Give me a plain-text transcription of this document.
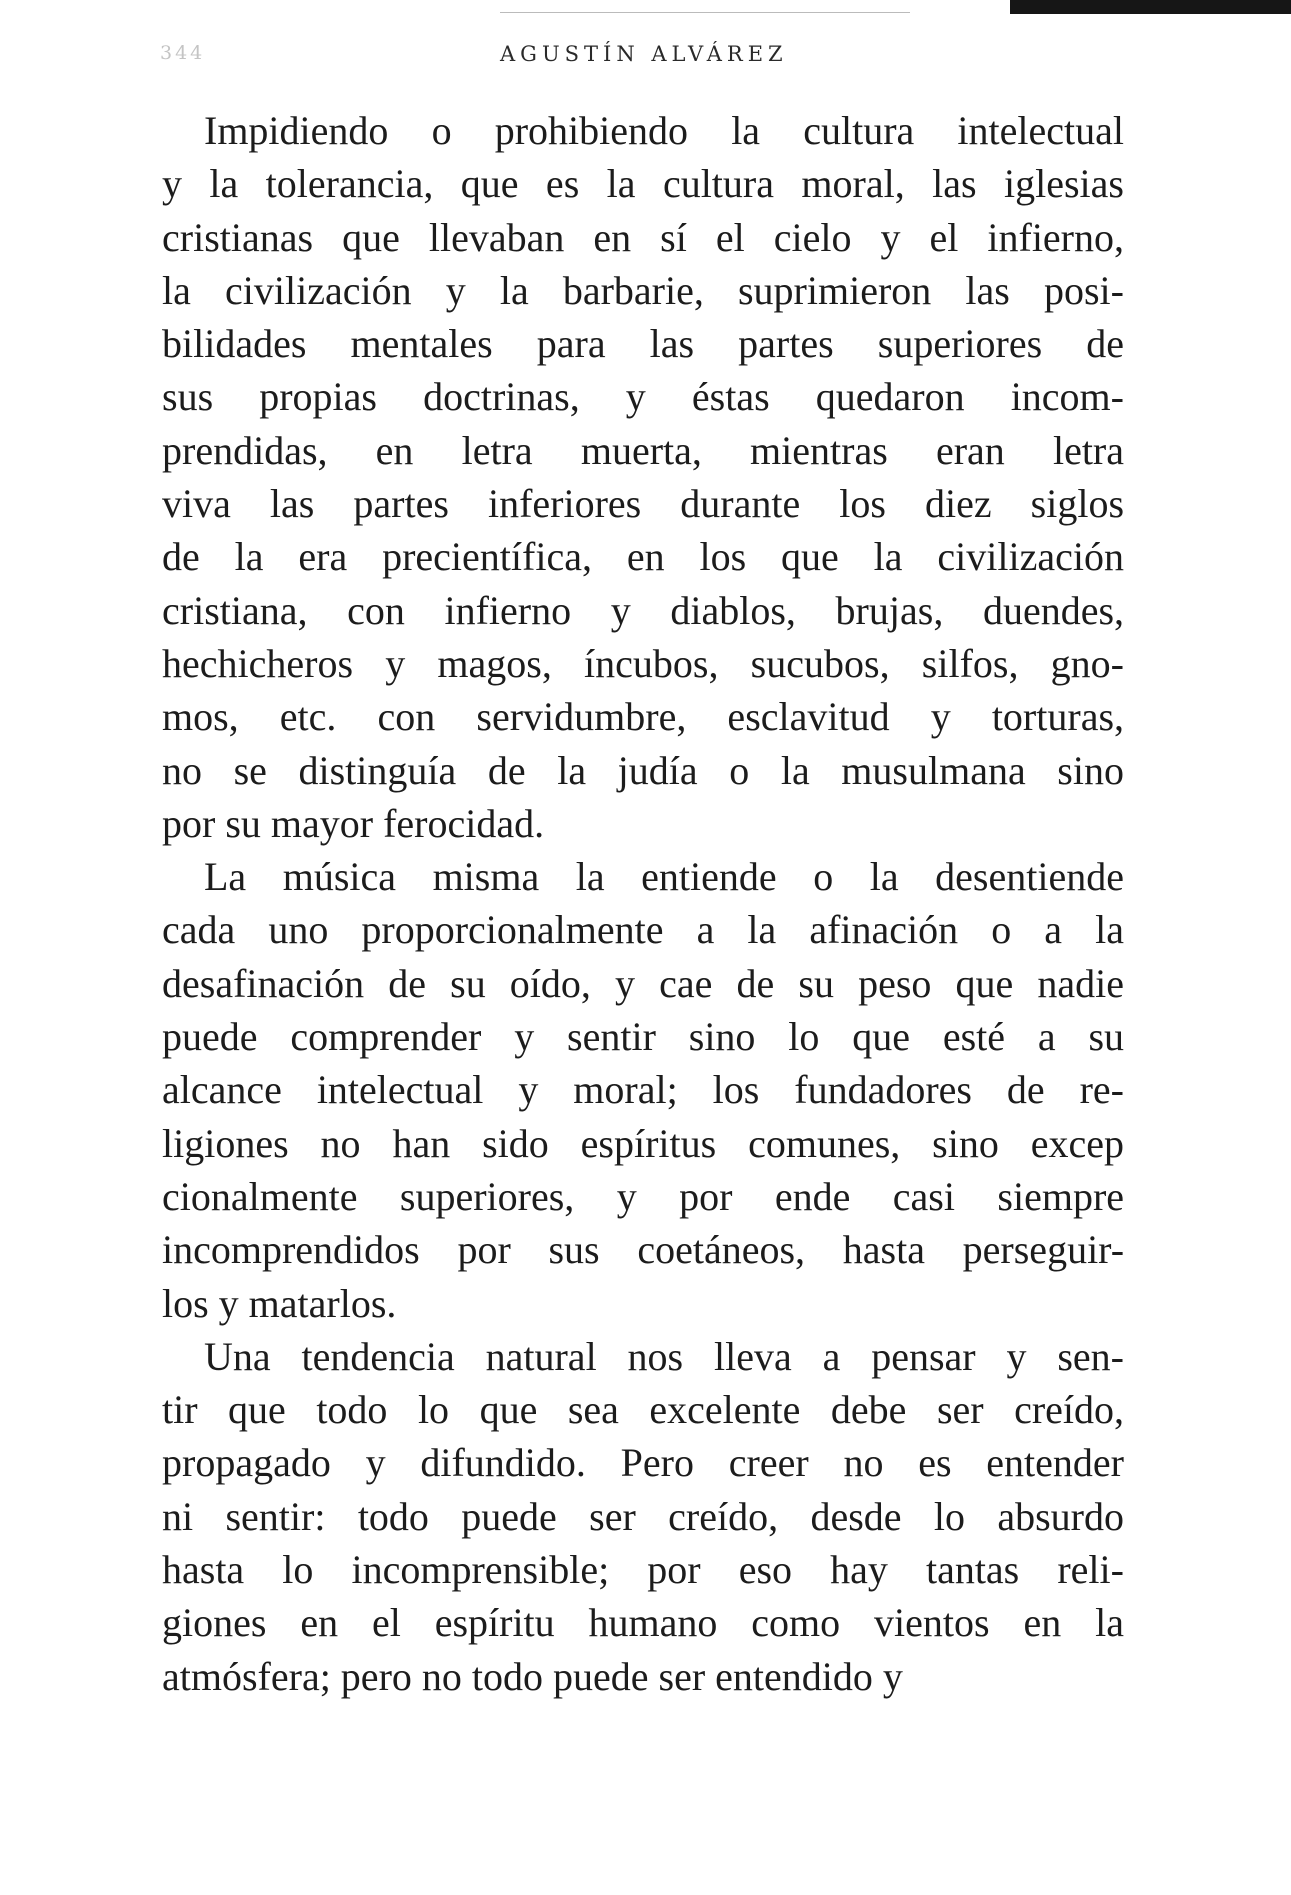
344	AGUSTÍN ALVÁREZ
Impidiendo o prohibiendo la cultura intelectual
y la tolerancia, que es la cultura moral, las iglesias
cristianas que llevaban en sí el cielo y el infierno,
la civilización y la barbarie, suprimieron las posi-
bilidades mentales para las partes superiores de
sus propias doctrinas, y éstas quedaron incom-
prendidas, en letra muerta, mientras eran letra
viva las partes inferiores durante los diez siglos
de la era precientífica, en los que la civilización
cristiana, con infierno y diablos, brujas, duendes,
hechicheros y magos, íncubos, sucubos, silfos, gno-
mos, etc. con servidumbre, esclavitud y torturas,
no se distinguía de la judía o la musulmana sino
por su mayor ferocidad.
La música misma la entiende o la desentiende
cada uno proporcionalmente a la afinación o a la
desafinación de su oído, y cae de su peso que nadie
puede comprender y sentir sino lo que esté a su
alcance intelectual y moral; los fundadores de re-
ligiones no han sido espíritus comunes, sino excep
cionalmente superiores, y por ende casi siempre
incomprendidos por sus coetáneos, hasta perseguir-
los y matarlos.
Una tendencia natural nos lleva a pensar y sen-
tir que todo lo que sea excelente debe ser creído,
propagado y difundido. Pero creer no es entender
ni sentir: todo puede ser creído, desde lo absurdo
hasta lo incomprensible; por eso hay tantas reli-
giones en el espíritu humano como vientos en la
atmósfera; pero no todo puede ser entendido y
